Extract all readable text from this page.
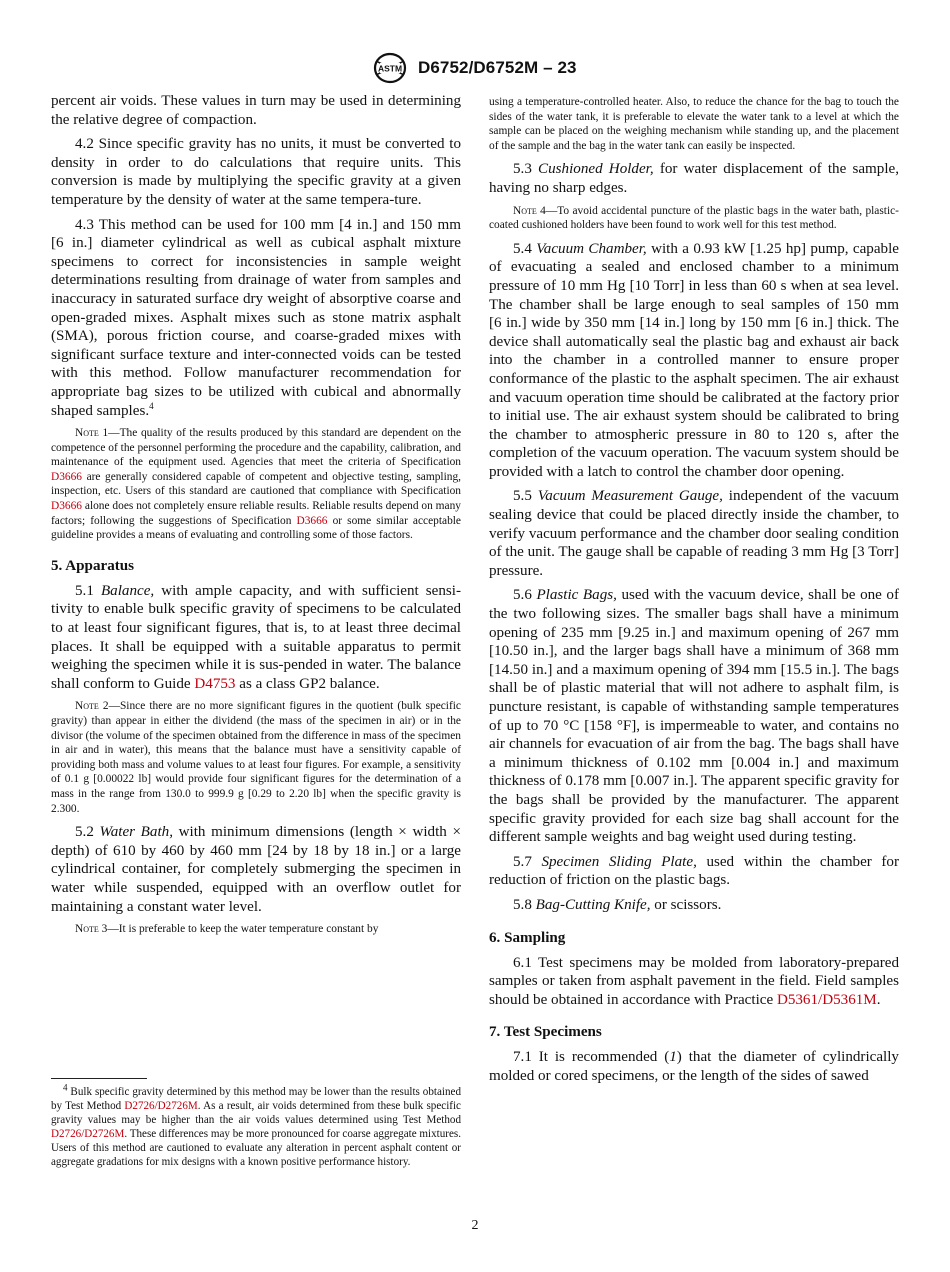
ASTM D6752/D6752M – 23

percent air voids. These values in turn may be used in determining the relative degree of compaction.

4.2 Since specific gravity has no units, it must be converted to density in order to do calculations that require units. This conversion is made by multiplying the specific gravity at a given temperature by the density of water at the same tempera-ture.

4.3 This method can be used for 100 mm [4 in.] and 150 mm [6 in.] diameter cylindrical as well as cubical asphalt mixture specimens to correct for inconsistencies in sample weight determinations resulting from drainage of water from samples and inaccuracy in saturated surface dry weight of absorptive coarse and open-graded mixes. Asphalt mixes such as stone matrix asphalt (SMA), porous friction course, and coarse-graded mixes with significant surface texture and inter-connected voids can be tested with this method. Follow manufacturer recommendation for appropriate bag sizes to be utilized with cubical and abnormally shaped samples.$^4$

Note 1—The quality of the results produced by this standard are dependent on the competence of the personnel performing the procedure and the capability, calibration, and maintenance of the equipment used. Agencies that meet the criteria of Specification D3666 are generally considered capable of competent and objective testing, sampling, inspection, etc. Users of this standard are cautioned that compliance with Specification D3666 alone does not completely ensure reliable results. Reliable results depend on many factors; following the suggestions of Specification D3666 or some similar acceptable guideline provides a means of evaluating and controlling some of those factors.

5. Apparatus

5.1 Balance, with ample capacity, and with sufficient sensi-tivity to enable bulk specific gravity of specimens to be calculated to at least four significant figures, that is, to at least three decimal places. It shall be equipped with a suitable apparatus to permit weighing the specimen while it is sus-pended in water. The balance shall conform to Guide D4753 as a class GP2 balance.

Note 2—Since there are no more significant figures in the quotient (bulk specific gravity) than appear in either the dividend (the mass of the specimen in air) or in the divisor (the volume of the specimen obtained from the difference in mass of the specimen in air and in water), this means that the balance must have a sensitivity capable of providing both mass and volume values to at least four figures. For example, a sensitivity of 0.1 g [0.00022 lb] would provide four significant figures for the determination of a mass in the range from 130.0 to 999.9 g [0.29 to 2.20 lb] when the specific gravity is 2.300.

5.2 Water Bath, with minimum dimensions (length × width × depth) of 610 by 460 by 460 mm [24 by 18 by 18 in.] or a large cylindrical container, for completely submerging the specimen in water while suspended, equipped with an overflow outlet for maintaining a constant water level.

Note 3—It is preferable to keep the water temperature constant by

$^4$ Bulk specific gravity determined by this method may be lower than the results obtained by Test Method D2726/D2726M. As a result, air voids determined from these bulk specific gravity values may be higher than the air voids values determined using Test Method D2726/D2726M. These differences may be more pronounced for coarse aggregate mixtures. Users of this method are cautioned to evaluate any alteration in percent asphalt content or aggregate gradations for mix designs with a known positive performance history.

using a temperature-controlled heater. Also, to reduce the chance for the bag to touch the sides of the water tank, it is preferable to elevate the water tank to a level at which the sample can be placed on the weighing mechanism while standing up, and the placement of the sample and the bag in the water tank can easily be inspected.

5.3 Cushioned Holder, for water displacement of the sample, having no sharp edges.

Note 4—To avoid accidental puncture of the plastic bags in the water bath, plastic-coated cushioned holders have been found to work well for this test method.

5.4 Vacuum Chamber, with a 0.93 kW [1.25 hp] pump, capable of evacuating a sealed and enclosed chamber to a minimum pressure of 10 mm Hg [10 Torr] in less than 60 s when at sea level. The chamber shall be large enough to seal samples of 150 mm [6 in.] wide by 350 mm [14 in.] long by 150 mm [6 in.] thick. The device shall automatically seal the plastic bag and exhaust air back into the chamber in a controlled manner to ensure proper conformance of the plastic to the asphalt specimen. The air exhaust and vacuum operation time should be calibrated at the factory prior to initial use. The air exhaust system should be calibrated to bring the chamber to atmospheric pressure in 80 to 120 s, after the completion of the vacuum operation. The vacuum system should be provided with a latch to control the chamber door opening.

5.5 Vacuum Measurement Gauge, independent of the vacuum sealing device that could be placed directly inside the chamber, to verify vacuum performance and the chamber door sealing condition of the unit. The gauge shall be capable of reading 3 mm Hg [3 Torr] pressure.

5.6 Plastic Bags, used with the vacuum device, shall be one of the two following sizes. The smaller bags shall have a minimum opening of 235 mm [9.25 in.] and maximum opening of 267 mm [10.50 in.], and the larger bags shall have a minimum of 368 mm [14.50 in.] and a maximum opening of 394 mm [15.5 in.]. The bags shall be of plastic material that will not adhere to asphalt film, is puncture resistant, is capable of withstanding sample temperatures of up to 70 °C [158 °F], is impermeable to water, and contains no air channels for evacuation of air from the bag. The bags shall have a minimum thickness of 0.102 mm [0.004 in.] and maximum thickness of 0.178 mm [0.007 in.]. The apparent specific gravity for the bags shall be provided by the manufacturer. The apparent specific gravity provided for each size bag shall account for the different sample weights and bag weight used during testing.

5.7 Specimen Sliding Plate, used within the chamber for reduction of friction on the plastic bags.

5.8 Bag-Cutting Knife, or scissors.

6. Sampling

6.1 Test specimens may be molded from laboratory-prepared samples or taken from asphalt pavement in the field. Field samples should be obtained in accordance with Practice D5361/D5361M.

7. Test Specimens

7.1 It is recommended (1) that the diameter of cylindrically molded or cored specimens, or the length of the sides of sawed

2
